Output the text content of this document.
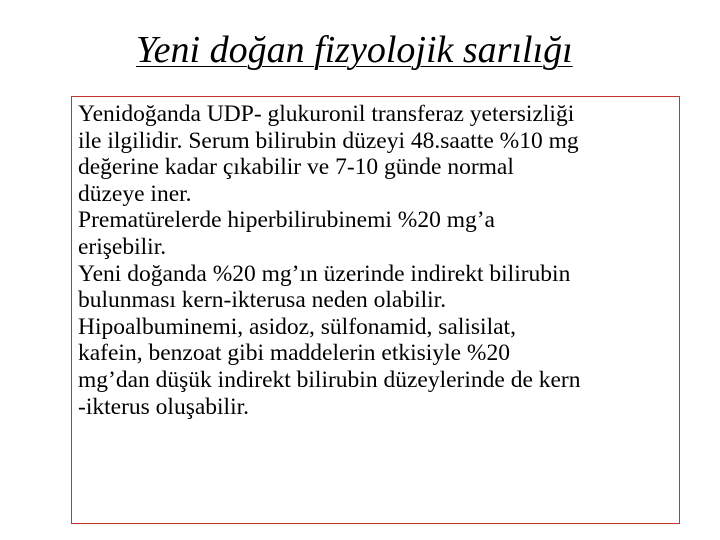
Yeni doğan fizyolojik sarılığı

Yenidoğanda UDP- glukuronil transferaz yetersizliği
ile ilgilidir. Serum bilirubin düzeyi 48.saatte %10 mg
değerine kadar çıkabilir ve 7-10 günde normal
düzeye iner.

Prematürelerde hiperbilirubinemi %20 mg’a
erişebilir.

Yeni doğanda %20 mg’ın üzerinde indirekt bilirubin
bulunması kern-ikterusa neden olabilir.

Hipoalbuminemi, asidoz, sülfonamid, salisilat,
kafein, benzoat gibi maddelerin etkisiyle %20
mg’dan düşük indirekt bilirubin düzeylerinde de kern
-ikterus oluşabilir.
